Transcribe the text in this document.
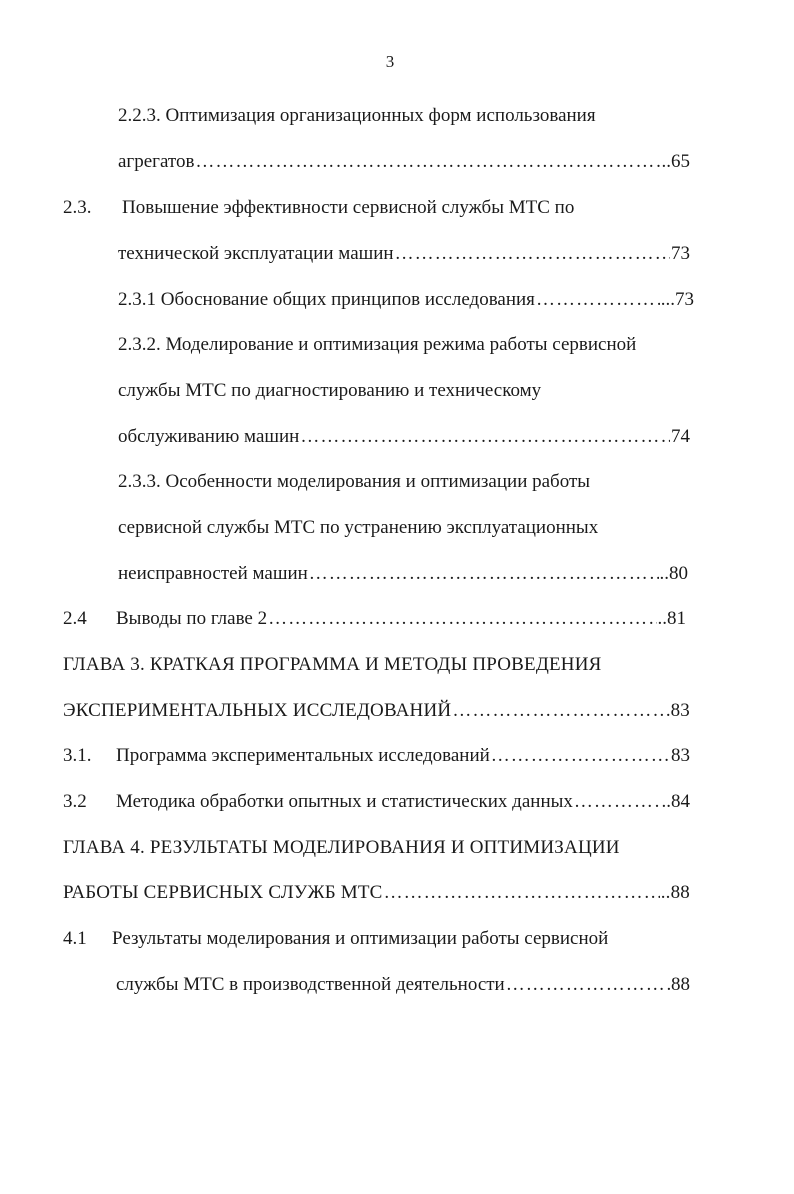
3
2.2.3. Оптимизация организационных форм использования
агрегатов ……………………………………………………………………………………………………………………………………………………………………………………………………	..65
2.3. Повышение эффективности сервисной службы МТС по
технической эксплуатации машин ……………………………………………………………………………………………………………………………………………………………………………………………………	73
2.3.1 Обоснование общих принципов исследования ……………………………………………………………………………………………………………………………………………………………………………………………………	...73
2.3.2. Моделирование и оптимизация режима работы сервисной
службы МТС по диагностированию и техническому
обслуживанию машин ……………………………………………………………………………………………………………………………………………………………………………………………………	74
2.3.3. Особенности моделирования и оптимизации работы
сервисной службы МТС по устранению эксплуатационных
неисправностей машин ……………………………………………………………………………………………………………………………………………………………………………………………………	..80
2.4 Выводы по главе 2 ……………………………………………………………………………………………………………………………………………………………………………………………………	..81
ГЛАВА 3. КРАТКАЯ ПРОГРАММА И МЕТОДЫ ПРОВЕДЕНИЯ
ЭКСПЕРИМЕНТАЛЬНЫХ ИССЛЕДОВАНИЙ ……………………………………………………………………………………………………………………………………………………………………………………………………	83
3.1. Программа экспериментальных исследований ……………………………………………………………………………………………………………………………………………………………………………………………………	83
3.2 Методика обработки опытных и статистических данных ……………………………………………………………………………………………………………………………………………………………………………………………………	..84
ГЛАВА 4. РЕЗУЛЬТАТЫ МОДЕЛИРОВАНИЯ И ОПТИМИЗАЦИИ
РАБОТЫ СЕРВИСНЫХ СЛУЖБ МТС ……………………………………………………………………………………………………………………………………………………………………………………………………	..88
4.1 Результаты моделирования и оптимизации работы сервисной
службы МТС в производственной деятельности ……………………………………………………………………………………………………………………………………………………………………………………………………	88
